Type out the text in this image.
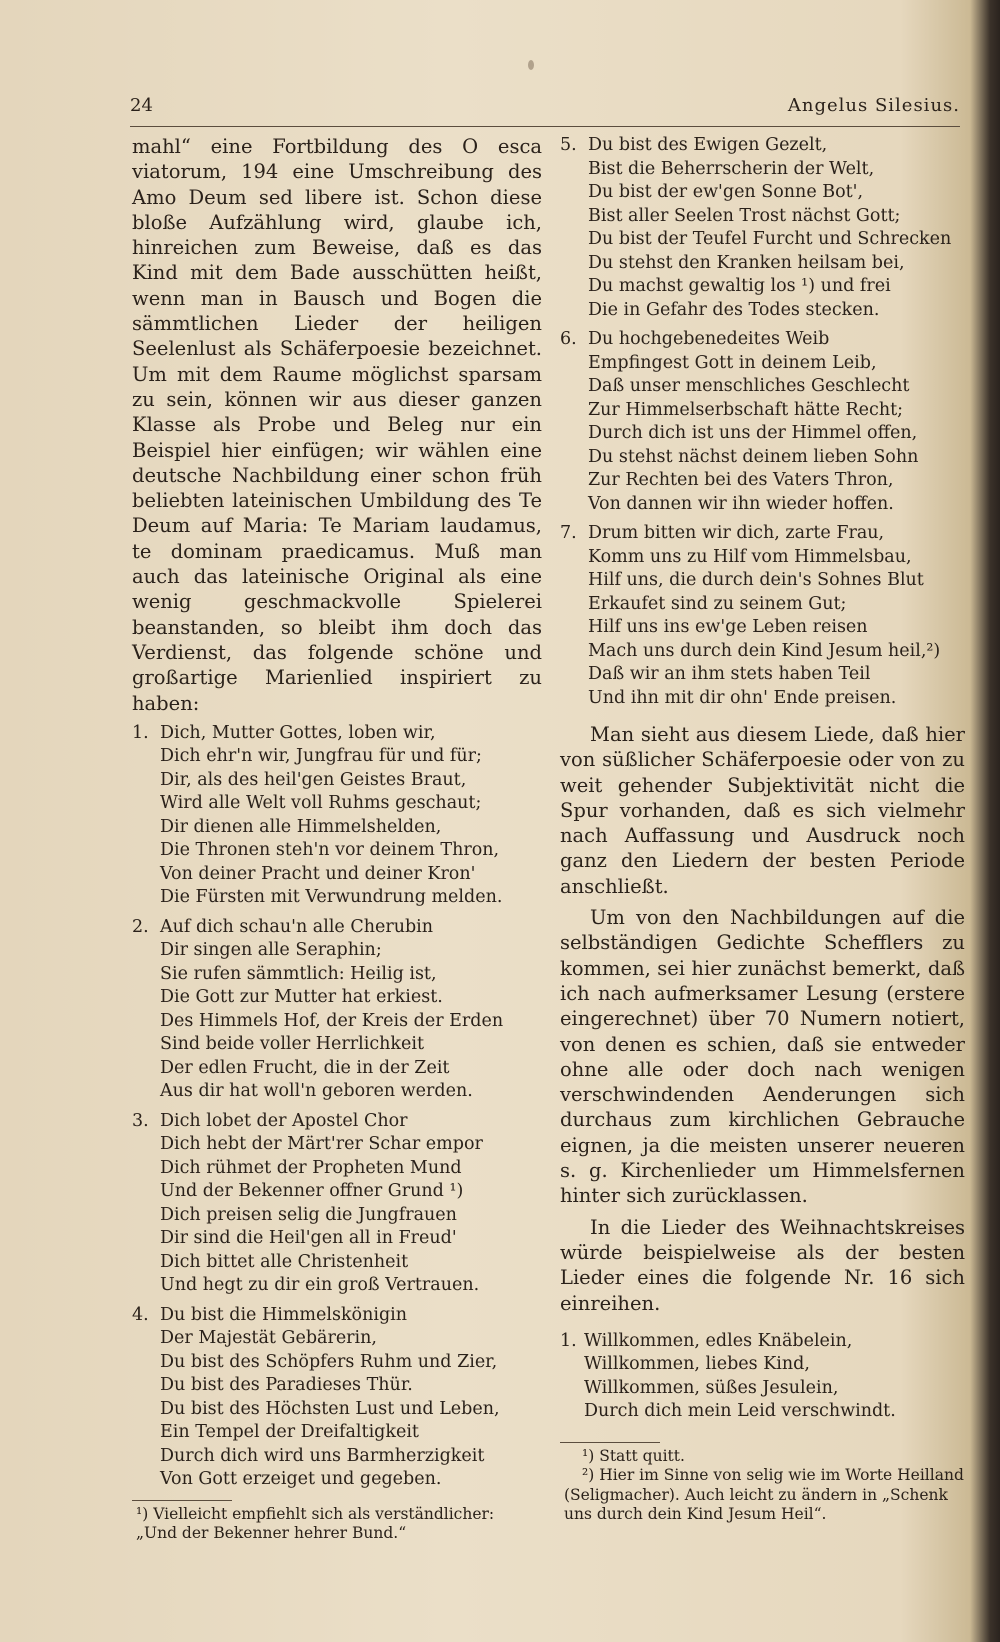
24	Angelus Silesius.

mahl“ eine Fortbildung des O esca viatorum, 194 eine Umschreibung des Amo Deum sed libere ist. Schon diese bloße Aufzählung wird, glaube ich, hinreichen zum Beweise, daß es das Kind mit dem Bade ausschütten heißt, wenn man in Bausch und Bogen die sämmtlichen Lieder der heiligen Seelenlust als Schäferpoesie bezeichnet. Um mit dem Raume möglichst sparsam zu sein, können wir aus dieser ganzen Klasse als Probe und Beleg nur ein Beispiel hier einfügen; wir wählen eine deutsche Nachbildung einer schon früh beliebten lateinischen Umbildung des Te Deum auf Maria: Te Mariam laudamus, te dominam praedicamus. Muß man auch das lateinische Original als eine wenig geschmackvolle Spielerei beanstanden, so bleibt ihm doch das Verdienst, das folgende schöne und großartige Marienlied inspiriert zu haben:

1. Dich, Mutter Gottes, loben wir,
Dich ehr'n wir, Jungfrau für und für;
Dir, als des heil'gen Geistes Braut,
Wird alle Welt voll Ruhms geschaut;
Dir dienen alle Himmelshelden,
Die Thronen steh'n vor deinem Thron,
Von deiner Pracht und deiner Kron'
Die Fürsten mit Verwundrung melden.
2. Auf dich schau'n alle Cherubin
Dir singen alle Seraphin;
Sie rufen sämmtlich: Heilig ist,
Die Gott zur Mutter hat erkiest.
Des Himmels Hof, der Kreis der Erden
Sind beide voller Herrlichkeit
Der edlen Frucht, die in der Zeit
Aus dir hat woll'n geboren werden.
3. Dich lobet der Apostel Chor
Dich hebt der Märt'rer Schar empor
Dich rühmet der Propheten Mund
Und der Bekenner offner Grund ¹)
Dich preisen selig die Jungfrauen
Dir sind die Heil'gen all in Freud'
Dich bittet alle Christenheit
Und hegt zu dir ein groß Vertrauen.
4. Du bist die Himmelskönigin
Der Majestät Gebärerin,
Du bist des Schöpfers Ruhm und Zier,
Du bist des Paradieses Thür.
Du bist des Höchsten Lust und Leben,
Ein Tempel der Dreifaltigkeit
Durch dich wird uns Barmherzigkeit
Von Gott erzeiget und gegeben.
¹) Vielleicht empfiehlt sich als verständlicher:
„Und der Bekenner hehrer Bund.“
5. Du bist des Ewigen Gezelt,
Bist die Beherrscherin der Welt,
Du bist der ew'gen Sonne Bot',
Bist aller Seelen Trost nächst Gott;
Du bist der Teufel Furcht und Schrecken
Du stehst den Kranken heilsam bei,
Du machst gewaltig los ¹) und frei
Die in Gefahr des Todes stecken.
6. Du hochgebenedeites Weib
Empfingest Gott in deinem Leib,
Daß unser menschliches Geschlecht
Zur Himmelserbschaft hätte Recht;
Durch dich ist uns der Himmel offen,
Du stehst nächst deinem lieben Sohn
Zur Rechten bei des Vaters Thron,
Von dannen wir ihn wieder hoffen.
7. Drum bitten wir dich, zarte Frau,
Komm uns zu Hilf vom Himmelsbau,
Hilf uns, die durch dein's Sohnes Blut
Erkaufet sind zu seinem Gut;
Hilf uns ins ew'ge Leben reisen
Mach uns durch dein Kind Jesum heil,²)
Daß wir an ihm stets haben Teil
Und ihn mit dir ohn' Ende preisen.

Man sieht aus diesem Liede, daß hier von süßlicher Schäferpoesie oder von zu weit gehender Subjektivität nicht die Spur vorhanden, daß es sich vielmehr nach Auffassung und Ausdruck noch ganz den Liedern der besten Periode anschließt.

Um von den Nachbildungen auf die selbständigen Gedichte Schefflers zu kommen, sei hier zunächst bemerkt, daß ich nach aufmerksamer Lesung (erstere eingerechnet) über 70 Numern notiert, von denen es schien, daß sie entweder ohne alle oder doch nach wenigen verschwindenden Aenderungen sich durchaus zum kirchlichen Gebrauche eignen, ja die meisten unserer neueren s. g. Kirchenlieder um Himmelsfernen hinter sich zurücklassen.

In die Lieder des Weihnachtskreises würde beispielweise als der besten Lieder eines die folgende Nr. 16 sich einreihen.

1. Willkommen, edles Knäbelein,
Willkommen, liebes Kind,
Willkommen, süßes Jesulein,
Durch dich mein Leid verschwindt.
¹) Statt quitt.
²) Hier im Sinne von selig wie im Worte Heilland (Seligmacher). Auch leicht zu ändern in „Schenk uns durch dein Kind Jesum Heil“.
